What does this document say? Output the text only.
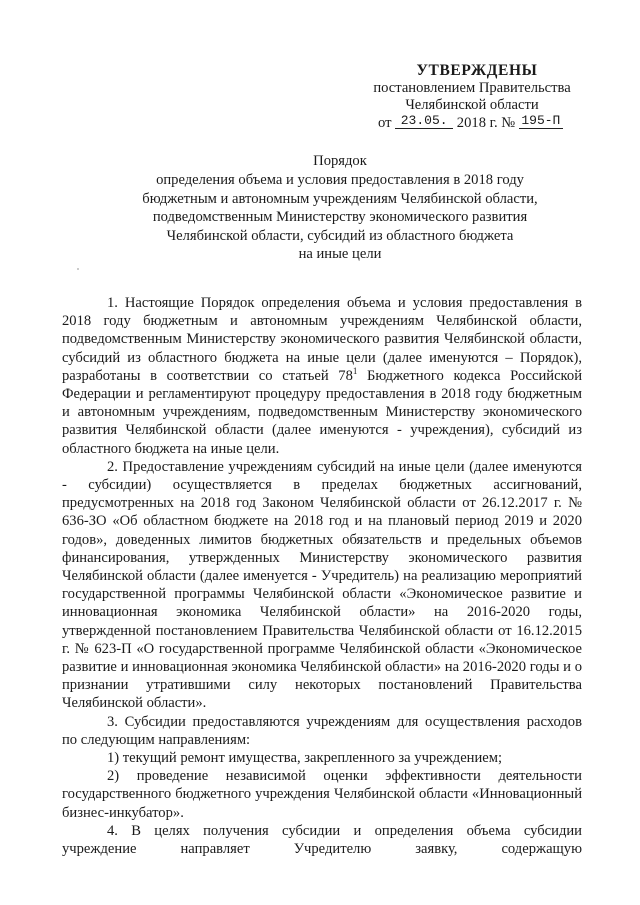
УТВЕРЖДЕНЫ
постановлением Правительства
Челябинской области
от 23.05. 2018 г. № 195-П
Порядок
определения объема и условия предоставления в 2018 году
бюджетным и автономным учреждениям Челябинской области,
подведомственным Министерству экономического развития
Челябинской области, субсидий из областного бюджета
на иные цели

1. Настоящие Порядок определения объема и условия предоставления в 2018 году бюджетным и автономным учреждениям Челябинской области, подведомственным Министерству экономического развития Челябинской области, субсидий из областного бюджета на иные цели (далее именуются – Порядок), разработаны в соответствии со статьей $78^1$ Бюджетного кодекса Российской Федерации и регламентируют процедуру предоставления в 2018 году бюджетным и автономным учреждениям, подведомственным Министерству экономического развития Челябинской области (далее именуются - учреждения), субсидий из областного бюджета на иные цели.

2. Предоставление учреждениям субсидий на иные цели (далее именуются - субсидии) осуществляется в пределах бюджетных ассигнований, предусмотренных на 2018 год Законом Челябинской области от 26.12.2017 г. № 636-ЗО «Об областном бюджете на 2018 год и на плановый период 2019 и 2020 годов», доведенных лимитов бюджетных обязательств и предельных объемов финансирования, утвержденных Министерству экономического развития Челябинской области (далее именуется - Учредитель) на реализацию мероприятий государственной программы Челябинской области «Экономическое развитие и инновационная экономика Челябинской области» на 2016-2020 годы, утвержденной постановлением Правительства Челябинской области от 16.12.2015 г. № 623-П «О государственной программе Челябинской области «Экономическое развитие и инновационная экономика Челябинской области» на 2016-2020 годы и о признании утратившими силу некоторых постановлений Правительства Челябинской области».

3. Субсидии предоставляются учреждениям для осуществления расходов по следующим направлениям:

1) текущий ремонт имущества, закрепленного за учреждением;

2) проведение независимой оценки эффективности деятельности государственного бюджетного учреждения Челябинской области «Инновационный бизнес-инкубатор».

4. В целях получения субсидии и определения объема субсидии учреждение направляет Учредителю заявку, содержащую
